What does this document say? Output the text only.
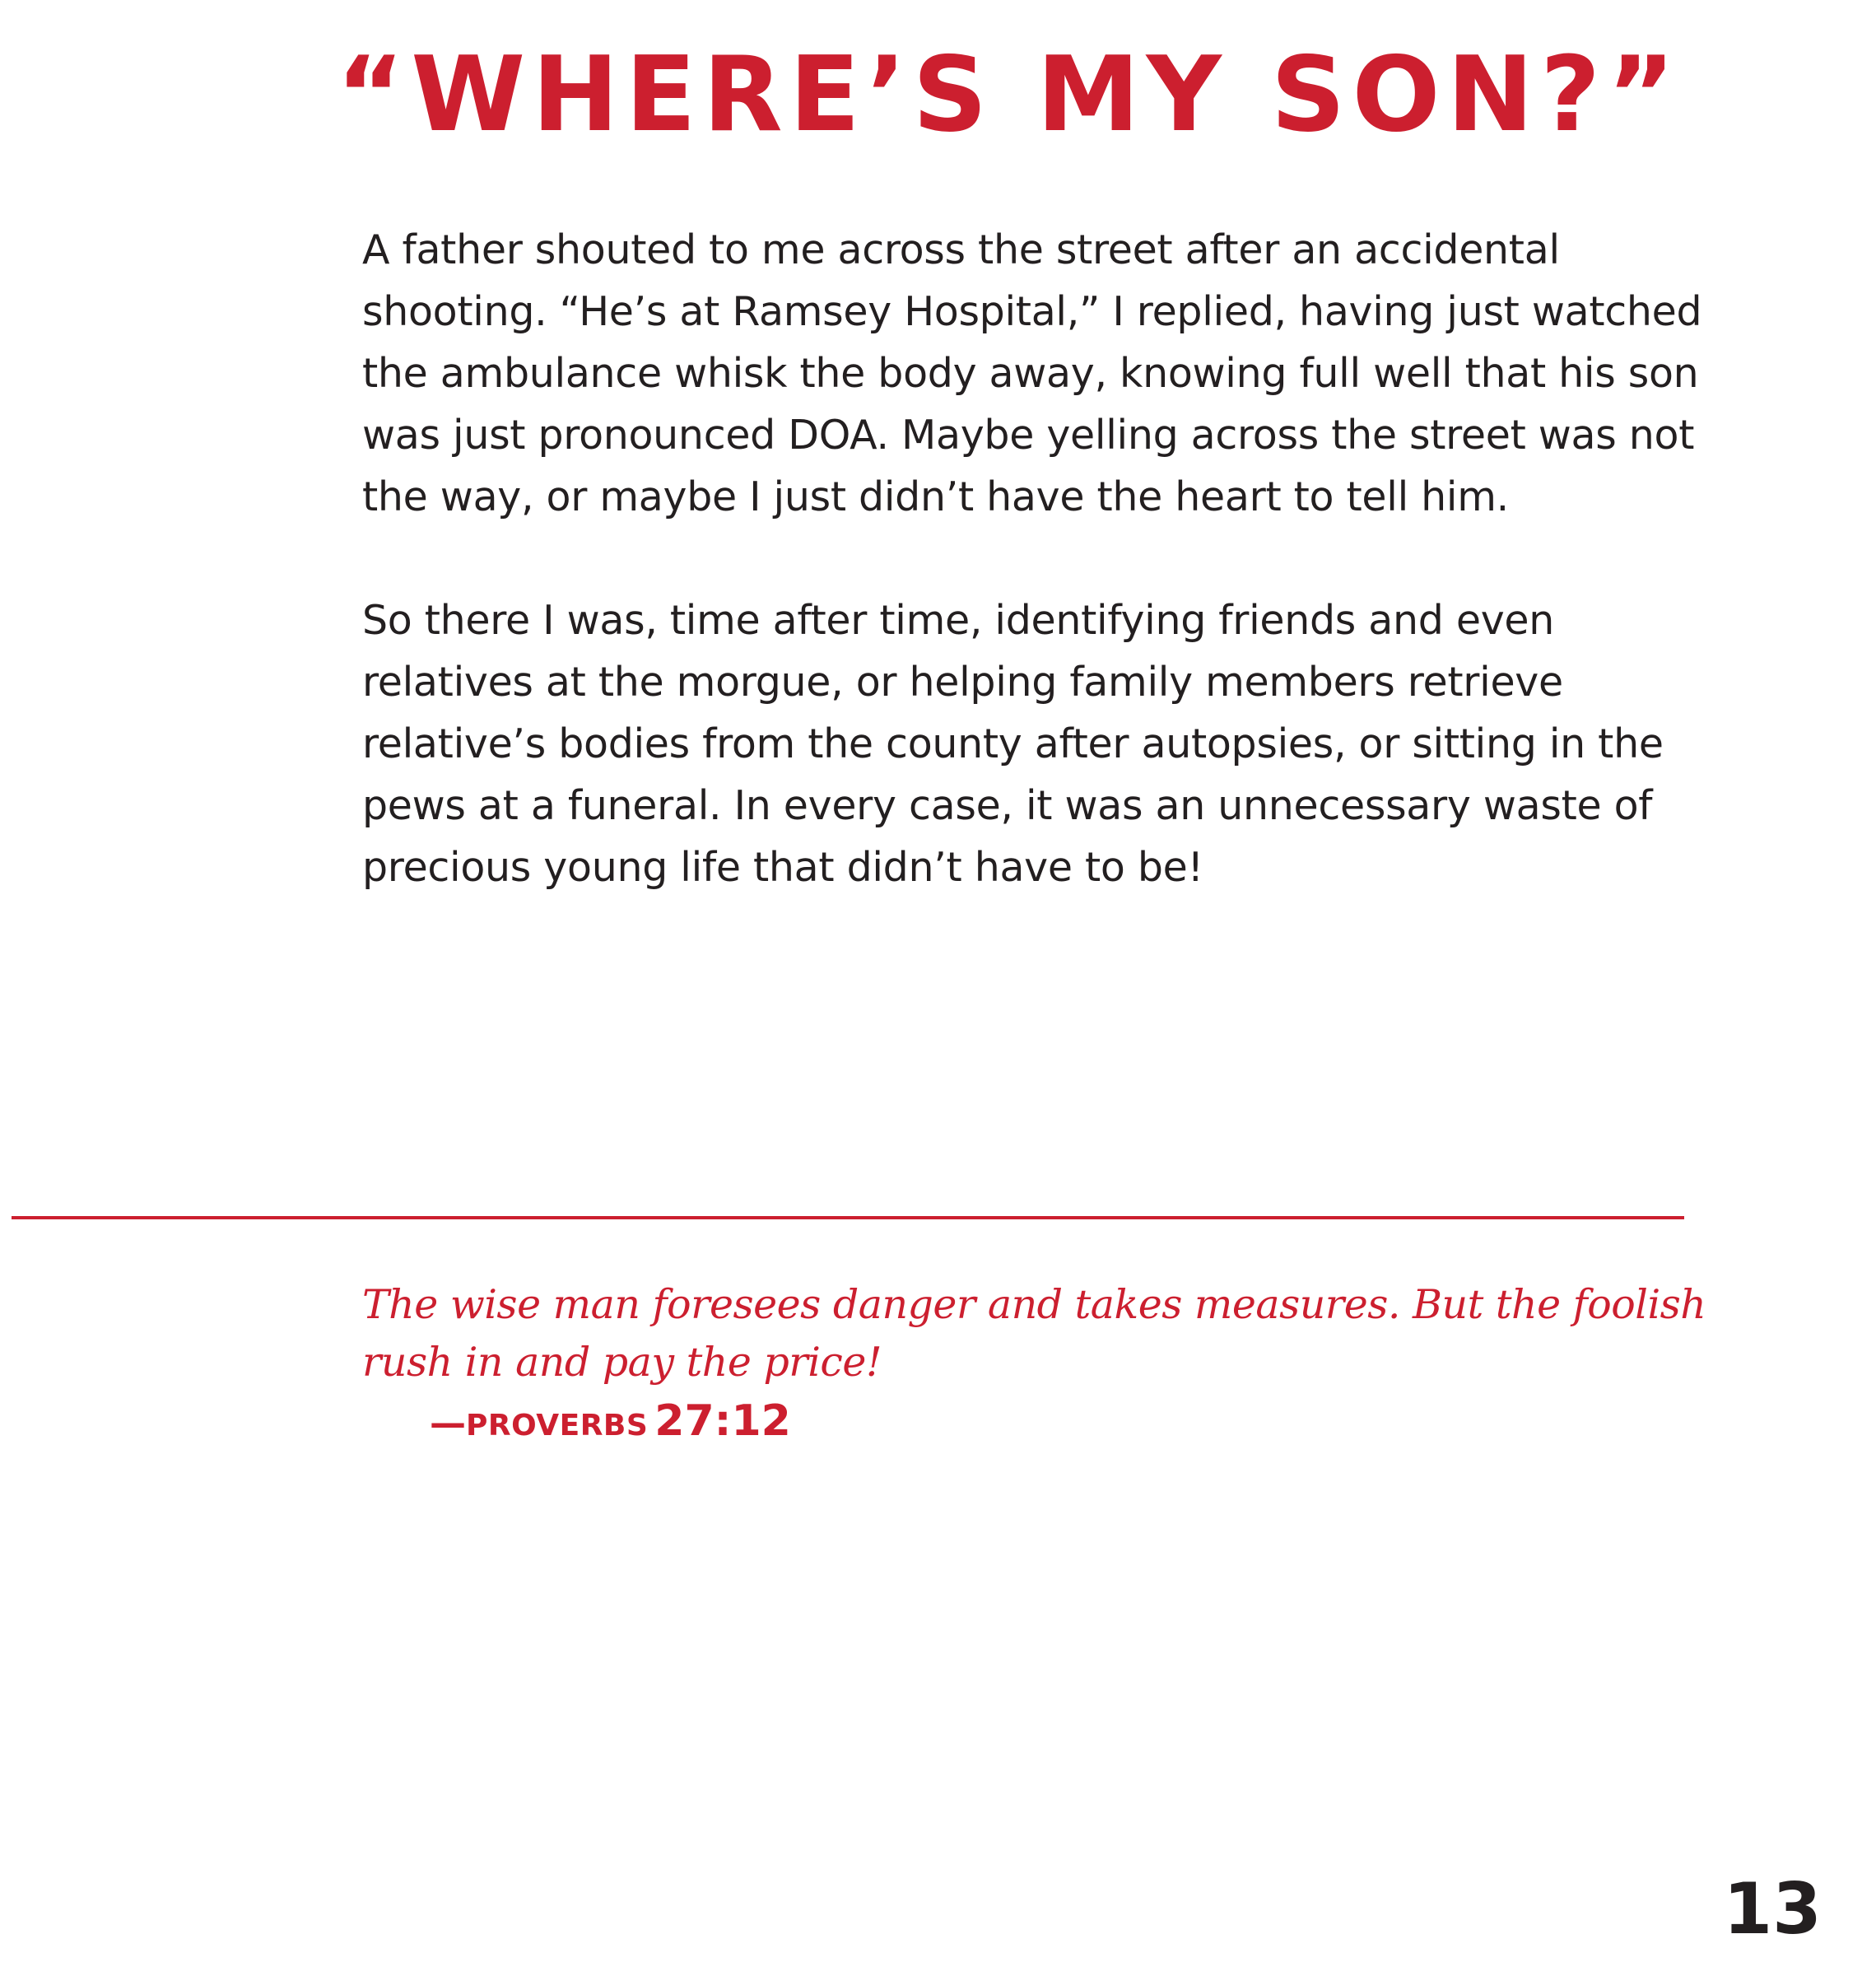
“WHERE’S MY SON?”

A father shouted to me across the street after an accidental shooting. “He’s at Ramsey Hospital,” I replied, having just watched the ambulance whisk the body away, knowing full well that his son was just pronounced DOA. Maybe yelling across the street was not the way, or maybe I just didn’t have the heart to tell him.

So there I was, time after time, identifying friends and even relatives at the morgue, or helping family members retrieve relative’s bodies from the county after autopsies, or sitting in the pews at a funeral. In every case, it was an unnecessary waste of precious young life that didn’t have to be!

The wise man foresees danger and takes measures. But the foolish rush in and pay the price!

—PROVERBS 27:12
13
